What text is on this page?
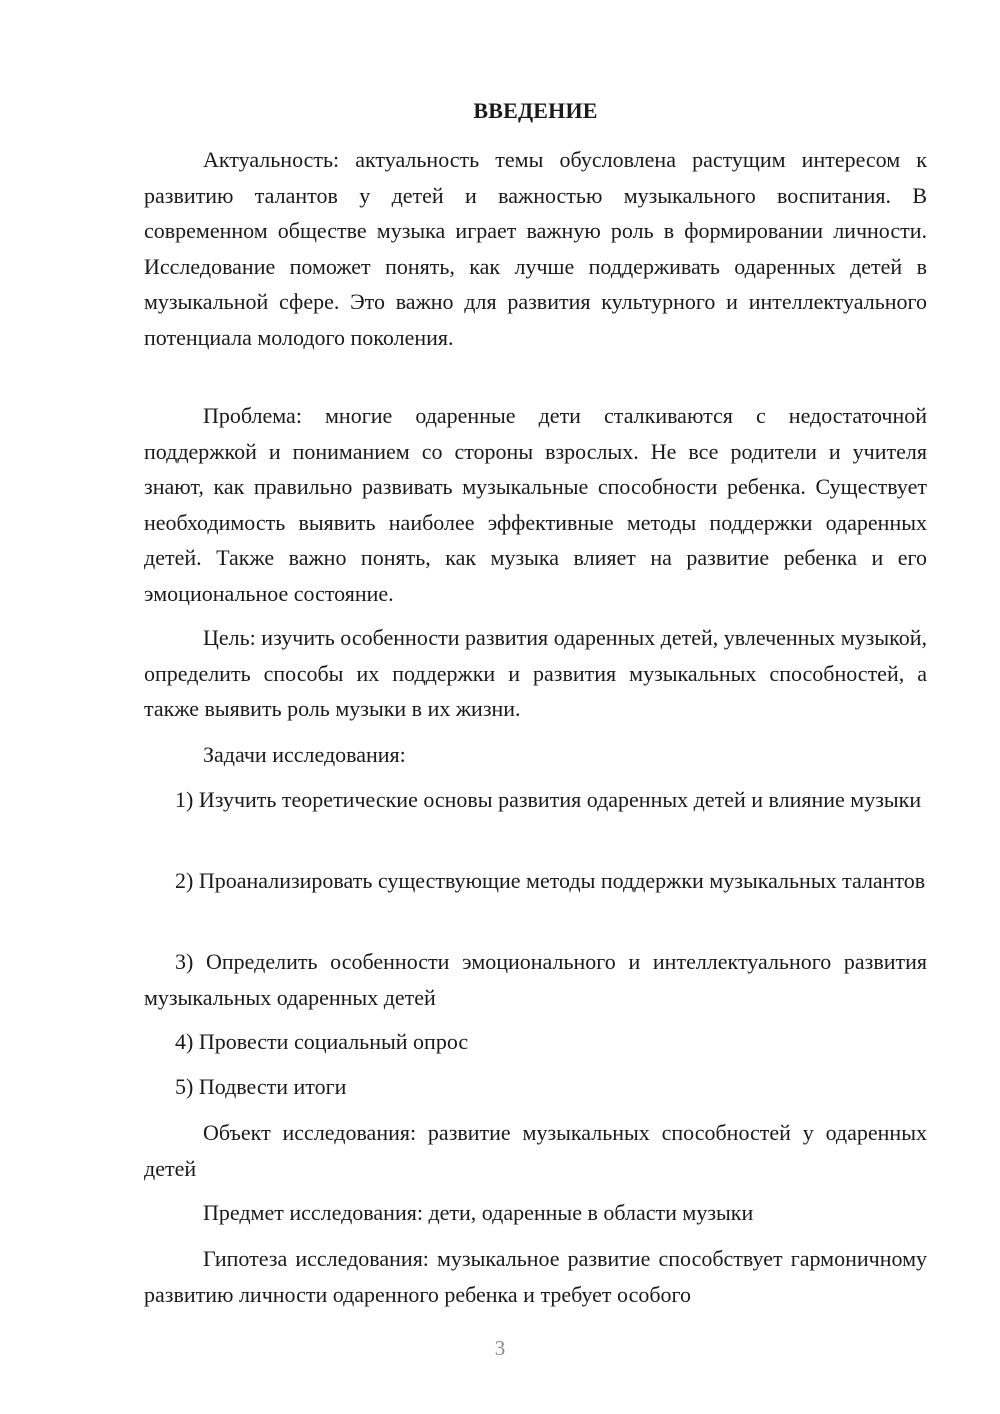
ВВЕДЕНИЕ

Актуальность: актуальность темы обусловлена растущим интересом к развитию талантов у детей и важностью музыкального воспитания. В современном обществе музыка играет важную роль в формировании личности. Исследование поможет понять, как лучше поддерживать одаренных детей в музыкальной сфере. Это важно для развития культурного и интеллектуального потенциала молодого поколения.

Проблема: многие одаренные дети сталкиваются с недостаточной поддержкой и пониманием со стороны взрослых. Не все родители и учителя знают, как правильно развивать музыкальные способности ребенка. Существует необходимость выявить наиболее эффективные методы поддержки одаренных детей. Также важно понять, как музыка влияет на развитие ребенка и его эмоциональное состояние.

Цель: изучить особенности развития одаренных детей, увлеченных музыкой, определить способы их поддержки и развития музыкальных способностей, а также выявить роль музыки в их жизни.

Задачи исследования:

1) Изучить теоретические основы развития одаренных детей и влияние музыки

2) Проанализировать существующие методы поддержки музыкальных талантов

3) Определить особенности эмоционального и интеллектуального развития музыкальных одаренных детей

4) Провести социальный опрос

5) Подвести итоги

Объект исследования: развитие музыкальных способностей у одаренных детей

Предмет исследования: дети, одаренные в области музыки

Гипотеза исследования: музыкальное развитие способствует гармоничному развитию личности одаренного ребенка и требует особого

3
